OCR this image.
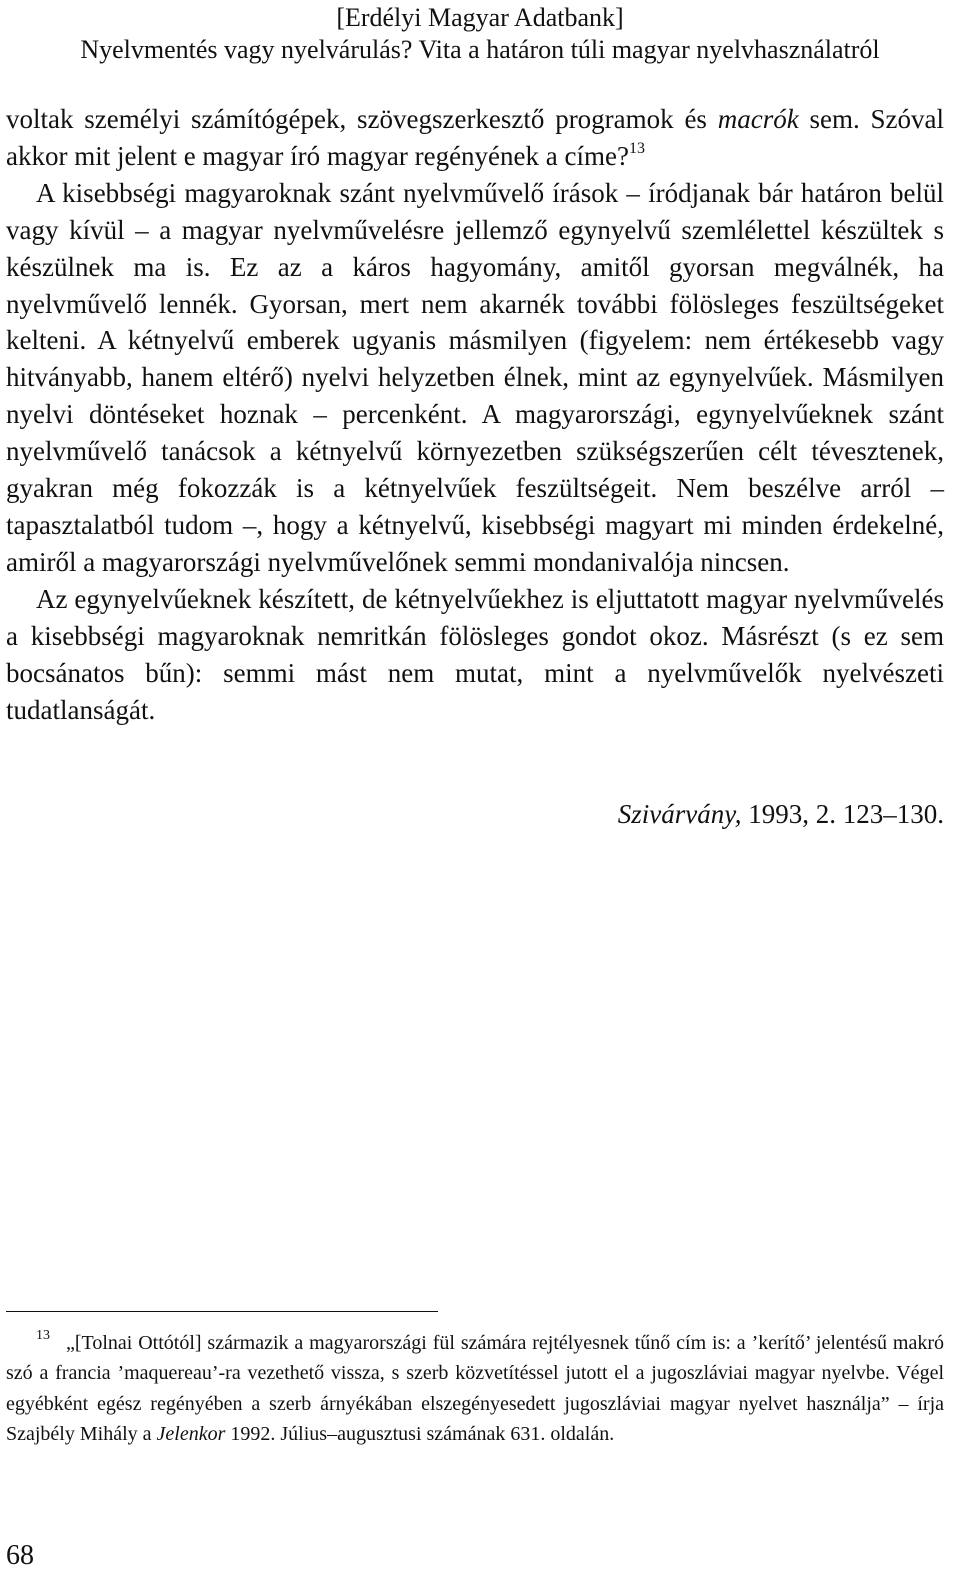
[Erdélyi Magyar Adatbank]
Nyelvmentés vagy nyelvárulás? Vita a határon túli magyar nyelvhasználatról

voltak személyi számítógépek, szövegszerkesztő programok és macrók sem. Szóval akkor mit jelent e magyar író magyar regényének a címe?$^{13}$

A kisebbségi magyaroknak szánt nyelvművelő írások – íródjanak bár határon belül vagy kívül – a magyar nyelvművelésre jellemző egynyelvű szemlélettel készültek s készülnek ma is. Ez az a káros hagyomány, amitől gyorsan megválnék, ha nyelvművelő lennék. Gyorsan, mert nem akarnék további fölösleges feszültségeket kelteni. A kétnyelvű emberek ugyanis másmilyen (figyelem: nem értékesebb vagy hitványabb, hanem eltérő) nyelvi helyzetben élnek, mint az egynyelvűek. Másmilyen nyelvi döntéseket hoznak – percenként. A magyarországi, egynyelvűeknek szánt nyelvművelő tanácsok a kétnyelvű környezetben szükségszerűen célt tévesztenek, gyakran még fokozzák is a kétnyelvűek feszültségeit. Nem beszélve arról – tapasztalatból tudom –, hogy a kétnyelvű, kisebbségi magyart mi minden érdekelné, amiről a magyarországi nyelvművelőnek semmi mondanivalója nincsen.

Az egynyelvűeknek készített, de kétnyelvűekhez is eljuttatott magyar nyelvművelés a kisebbségi magyaroknak nemritkán fölösleges gondot okoz. Másrészt (s ez sem bocsánatos bűn): semmi mást nem mutat, mint a nyelvművelők nyelvészeti tudatlanságát.

Szivárvány, 1993, 2. 123–130.

$^{13}$ „[Tolnai Ottótól] származik a magyarországi fül számára rejtélyesnek tűnő cím is: a ’kerítő’ jelentésű makró szó a francia ’maquereau’-ra vezethető vissza, s szerb közvetítéssel jutott el a jugoszláviai magyar nyelvbe. Végel egyébként egész regényében a szerb árnyékában elszegényesedett jugoszláviai magyar nyelvet használja” – írja Szajbély Mihály a Jelenkor 1992. Július–augusztusi számának 631. oldalán.

68
